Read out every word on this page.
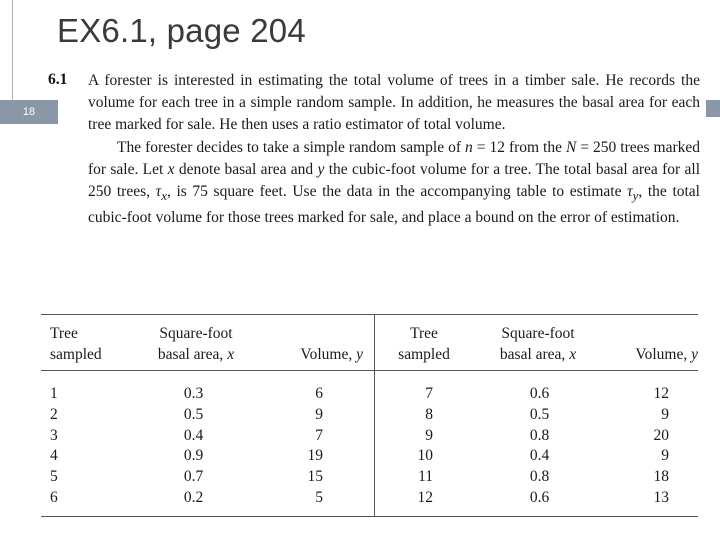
EX6.1, page 204
18
6.1 A forester is interested in estimating the total volume of trees in a timber sale. He records the volume for each tree in a simple random sample. In addition, he measures the basal area for each tree marked for sale. He then uses a ratio estimator of total volume.

The forester decides to take a simple random sample of n = 12 from the N = 250 trees marked for sale. Let x denote basal area and y the cubic-foot volume for a tree. The total basal area for all 250 trees, $\tau_x$, is 75 square feet. Use the data in the accompanying table to estimate $\tau_y$, the total cubic-foot volume for those trees marked for sale, and place a bound on the error of estimation.

Tree
sampled
Square-foot
basal area, x	Volume, y
Tree
sampled
Square-foot
basal area, x	Volume, y
1
2
3
4
5
6
0.3
0.5
0.4
0.9
0.7
0.2
6
9
7
19
15
5
7
8
9
10
11
12
0.6
0.5
0.8
0.4
0.8
0.6
12
9
20
9
18
13
